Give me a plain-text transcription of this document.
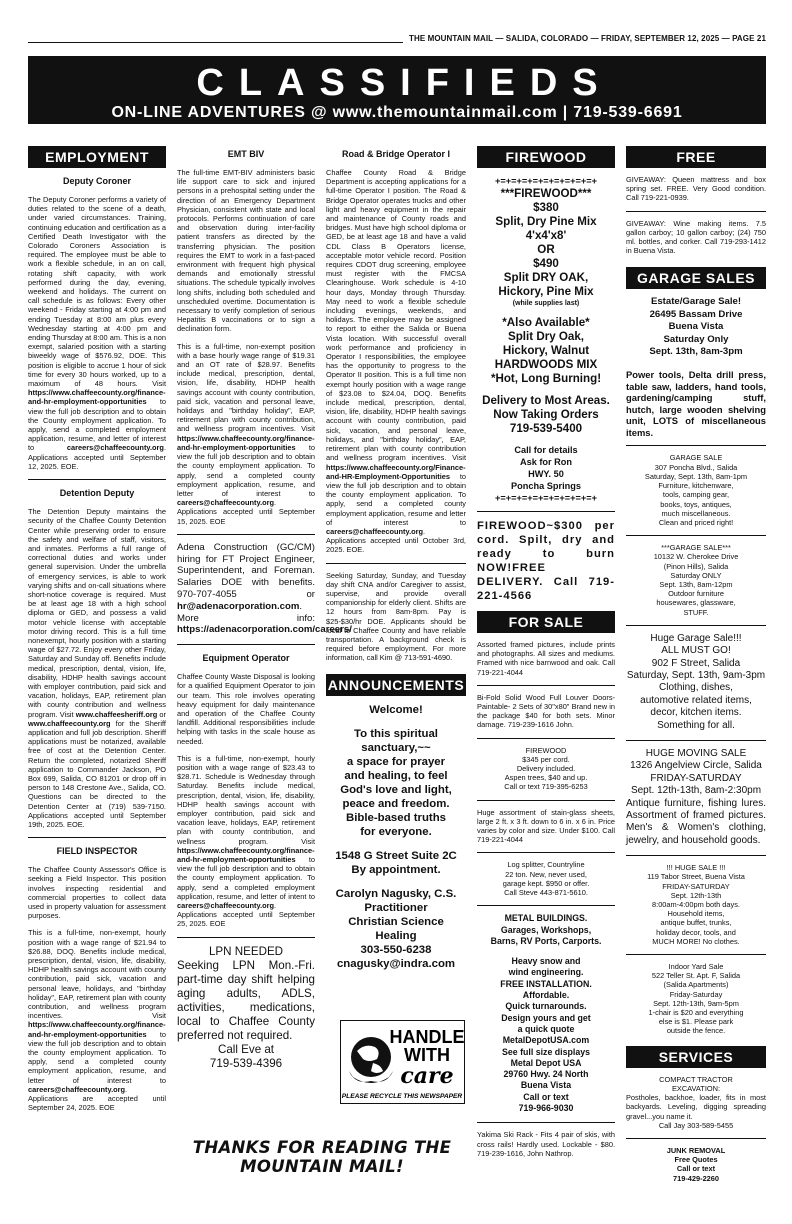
THE MOUNTAIN MAIL — SALIDA, COLORADO — FRIDAY, SEPTEMBER 12, 2025 — PAGE 21
CLASSIFIEDS
ON-LINE ADVENTURES @ www.themountainmail.com | 719-539-6691
EMPLOYMENT
Deputy Coroner

The Deputy Coroner performs a variety of duties related to the scene of a death, under varied circumstances. Training, continuing education and certification as a Certified Death Investigator with the Colorado Coroners Association is required. The employee must be able to work a flexible schedule, in an on call, rotating shift capacity, with work performed during the day, evening, weekend and holidays. The current on call schedule is as follows: Every other weekend - Friday starting at 4:00 pm and ending Tuesday at 8:00 am plus every Wednesday starting at 4:00 pm and ending Thursday at 8:00 am. This is a non exempt, salaried position with a starting biweekly wage of $576.92, DOE. This position is eligible to accrue 1 hour of sick time for every 30 hours worked, up to a maximum of 48 hours. Visit https://www.chaffeecounty.org/finance-and-hr-employment-opportunities to view the full job description and to obtain the County employment application. To apply, send a completed employment application, resume, and letter of interest to careers@chaffeecounty.org. Applications accepted until September 12, 2025. EOE.

Detention Deputy

The Detention Deputy maintains the security of the Chaffee County Detention Center while preserving order to ensure the safety and welfare of staff, visitors, and inmates. Performs a full range of correctional duties and works under general supervision. Under the umbrella of emergency services, is able to work varying shifts and on-call situations where short-notice coverage is required. Must be at least age 18 with a high school diploma or GED, and possess a valid motor vehicle license with acceptable motor driving record. This is a full time nonexempt, hourly position with a starting wage of $27.72. Enjoy every other Friday, Saturday and Sunday off. Benefits include medical, prescription, dental, vision, life, disability, HDHP health savings account with employer contribution, paid sick and vacation, holidays, EAP, retirement plan with county contribution and wellness program. Visit www.chaffeesheriff.org or www.chaffeecounty.org for the Sheriff application and full job description. Sheriff applications must be notarized, available free of cost at the Detention Center. Return the completed, notarized Sheriff application to Commander Jackson, PO Box 699, Salida, CO 81201 or drop off in person to 148 Crestone Ave., Salida, CO. Questions can be directed to the Detention Center at (719) 539-7150. Applications accepted until September 19th, 2025. EOE.

FIELD INSPECTOR

The Chaffee County Assessor's Office is seeking a Field Inspector. This position involves inspecting residential and commercial properties to collect data used in property valuation for assessment purposes.

This is a full-time, non-exempt, hourly position with a wage range of $21.94 to $26.88, DOQ. Benefits include medical, prescription, dental, vision, life, disability, HDHP health savings account with county contribution, paid sick, vacation and personal leave, holidays, and "birthday holiday", EAP, retirement plan with county contribution, and wellness program incentives. Visit https://www.chaffeecounty.org/finance-and-hr-employment-opportunities to view the full job description and to obtain the county employment application. To apply, send a completed county employment application, resume, and letter of interest to careers@chaffeecounty.org. Applications are accepted until September 24, 2025. EOE

EMT BIV

The full-time EMT-BIV administers basic life support care to sick and injured persons in a prehospital setting under the direction of an Emergency Department Physician, consistent with state and local protocols. Performs continuation of care and observation during inter-facility patient transfers as directed by the transferring physician. The position requires the EMT to work in a fast-paced environment with frequent high physical demands and emotionally stressful situations. The schedule typically involves long shifts, including both scheduled and unscheduled overtime. Documentation is necessary to verify completion of serious Hepatitis B vaccinations or to sign a declination form.

This is a full-time, non-exempt position with a base hourly wage range of $19.31 and an OT rate of $28.97. Benefits include medical, prescription, dental, vision, life, disability, HDHP health savings account with county contribution, paid sick, vacation and personal leave, holidays and "birthday holiday", EAP, retirement plan with county contribution, and wellness program incentives. Visit https://www.chaffeecounty.org/finance-and-hr-employment-opportunities to view the full job description and to obtain the county employment application. To apply, send a completed county employment application, resume, and letter of interest to careers@chaffeecounty.org. Applications accepted until September 15, 2025. EOE

Adena Construction (GC/CM) hiring for FT Project Engineer, Superintendent, and Foreman. Salaries DOE with benefits. 970-707-4055 or hr@adenacorporation.com. More info: https://adenacorporation.com/careers/

Equipment Operator

Chaffee County Waste Disposal is looking for a qualified Equipment Operator to join our team. This role involves operating heavy equipment for daily maintenance and operation of the Chaffee County landfill. Additional responsibilities include helping with tasks in the scale house as needed.

This is a full-time, non-exempt, hourly position with a wage range of $23.43 to $28.71. Schedule is Wednesday through Saturday. Benefits include medical, prescription, dental, vision, life, disability, HDHP health savings account with employer contribution, paid sick and vacation leave, holidays, EAP, retirement plan with county contribution, and wellness program. Visit https://www.chaffeecounty.org/finance-and-hr-employment-opportunities to view the full job description and to obtain the county employment application. To apply, send a completed employment application, resume, and letter of intent to careers@chaffeecounty.org. Applications accepted until September 25, 2025. EOE

LPN NEEDED
Seeking LPN Mon.-Fri. part-time day shift helping aging adults, ADLS, activities, medications, local to Chaffee County preferred not required.
Call Eve at
719-539-4396
Road & Bridge Operator I

Chaffee County Road & Bridge Department is accepting applications for a full-time Operator I position. The Road & Bridge Operator operates trucks and other light and heavy equipment in the repair and maintenance of County roads and bridges. Must have high school diploma or GED, be at least age 18 and have a valid CDL Class B Operators license, acceptable motor vehicle record. Position requires CDOT drug screening, employee must register with the FMCSA Clearinghouse. Work schedule is 4-10 hour days, Monday through Thursday. May need to work a flexible schedule including evenings, weekends, and holidays. The employee may be assigned to report to either the Salida or Buena Vista location. With successful overall work performance and proficiency in Operator I responsibilities, the employee has the opportunity to progress to the Operator II position. This is a full time non exempt hourly position with a wage range of $23.08 to $24.04, DOQ. Benefits include medical, prescription, dental, vision, life, disability, HDHP health savings account with county contribution, paid sick, vacation, and personal leave, holidays, and "birthday holiday", EAP, retirement plan with county contribution and wellness program incentives. Visit https://www.chaffeecounty.org/Finance-and-HR-Employment-Opportunities to view the full job description and to obtain the county employment application. To apply, send a completed county employment application, resume and letter of interest to careers@chaffeecounty.org. Applications accepted until October 3rd, 2025. EOE.

Seeking Saturday, Sunday, and Tuesday day shift CNA and/or Caregiver to assist, supervise, and provide overall companionship for elderly client. Shifts are 12 hours from 8am-8pm. Pay is $25-$30/hr DOE. Applicants should be local to Chaffee County and have reliable transportation. A background check is required before employment. For more information, call Kim @ 713-591-4690.

ANNOUNCEMENTS
Welcome!
To this spiritual
sanctuary,~~
a space for prayer
and healing, to feel
God's love and light,
peace and freedom.
Bible-based truths
for everyone.
1548 G Street Suite 2C
By appointment.
Carolyn Nagusky, C.S.
Practitioner
Christian Science
Healing
303-550-6238
cnagusky@indra.com
HANDLE
WITH
care
PLEASE RECYCLE THIS NEWSPAPER
THANKS FOR READING THE
MOUNTAIN MAIL!
FIREWOOD
+=+=+=+=+=+=+=+=+=+
***FIREWOOD***
$380
Split, Dry Pine Mix
4'x4'x8'
OR
$490
Split DRY OAK,
Hickory, Pine Mix
(while supplies last)
*Also Available*
Split Dry Oak,
Hickory, Walnut
HARDWOODS MIX
*Hot, Long Burning!
Delivery to Most Areas.
Now Taking Orders
719-539-5400
Call for details
Ask for Ron
HWY. 50
Poncha Springs
+=+=+=+=+=+=+=+=+=+
FIREWOOD~$300 per cord. Spilt, dry and ready to burn NOW!FREE DELIVERY. Call 719-221-4566
FOR SALE

Assorted framed pictures, include prints and photographs. All sizes and mediums. Framed with nice barnwood and oak. Call 719-221-4044

Bi-Fold Solid Wood Full Louver Doors- Paintable- 2 Sets of 30"x80" Brand new in the package $40 for both sets. Minor damage. 719-239-1616 John.

FIREWOOD
$345 per cord.
Delivery included.
Aspen trees, $40 and up.
Call or text 719-395-6253

Huge assortment of stain-glass sheets, large 2 ft. x 3 ft. down to 6 in. x 6 in. Price varies by color and size. Under $100. Call 719-221-4044

Log splitter, Countryline
22 ton. New, never used,
garage kept. $950 or offer.
Call Steve 443-871-5610.
METAL BUILDINGS.
Garages, Workshops,
Barns, RV Ports, Carports.
Heavy snow and
wind engineering.
FREE INSTALLATION.
Affordable.
Quick turnarounds.
Design yours and get
a quick quote
MetalDepotUSA.com
See full size displays
Metal Depot USA
29760 Hwy. 24 North
Buena Vista
Call or text
719-966-9030

Yakima Ski Rack - Fits 4 pair of skis, with cross rails! Hardly used. Lockable - $80. 719-239-1616, John Nathrop.

FREE

GIVEAWAY: Queen mattress and box spring set. FREE. Very Good condition. Call 719-221-0939.

GIVEAWAY: Wine making items. 7.5 gallon carboy; 10 gallon carboy; (24) 750 ml. bottles, and corker. Call 719-293-1412 in Buena Vista.

GARAGE SALES
Estate/Garage Sale!
26495 Bassam Drive
Buena Vista
Saturday Only
Sept. 13th, 8am-3pm
Power tools, Delta drill press, table saw, ladders, hand tools, gardening/camping stuff, hutch, large wooden shelving unit, LOTS of miscellaneous items.
GARAGE SALE
307 Poncha Blvd., Salida
Saturday, Sept. 13th, 8am-1pm
Furniture, kitchenware,
tools, camping gear,
books, toys, antiques,
much miscellaneous.
Clean and priced right!
***GARAGE SALE***
10132 W. Cherokee Drive
(Pinon Hills), Salida
Saturday ONLY
Sept. 13th, 8am-12pm
Outdoor furniture
housewares, glassware,
STUFF.
Huge Garage Sale!!!
ALL MUST GO!
902 F Street, Salida
Saturday, Sept. 13th, 9am-3pm
Clothing, dishes,
automotive related items,
decor, kitchen items.
Something for all.
HUGE MOVING SALE
1326 Angelview Circle, Salida
FRIDAY-SATURDAY
Sept. 12th-13th, 8am-2:30pm
Antique furniture, fishing lures. Assortment of framed pictures. Men's & Women's clothing, jewelry, and household goods.
!!! HUGE SALE !!!
119 Tabor Street, Buena Vista
FRIDAY-SATURDAY
Sept. 12th-13th
8:00am-4:00pm both days.
Household items,
antique buffet, trunks,
holiday decor, tools, and
MUCH MORE! No clothes.
Indoor Yard Sale
522 Teller St. Apt. F, Salida
(Salida Apartments)
Friday-Saturday
Sept. 12th-13th, 9am-5pm
1-chair is $20 and everything
else is $1. Please park
outside the fence.
SERVICES
COMPACT TRACTOR
EXCAVATION:
Postholes, backhoe, loader, fits in most backyards. Leveling, digging spreading gravel...you name it.
Call Jay 303-589-5455
JUNK REMOVAL
Free Quotes
Call or text
719-429-2260
